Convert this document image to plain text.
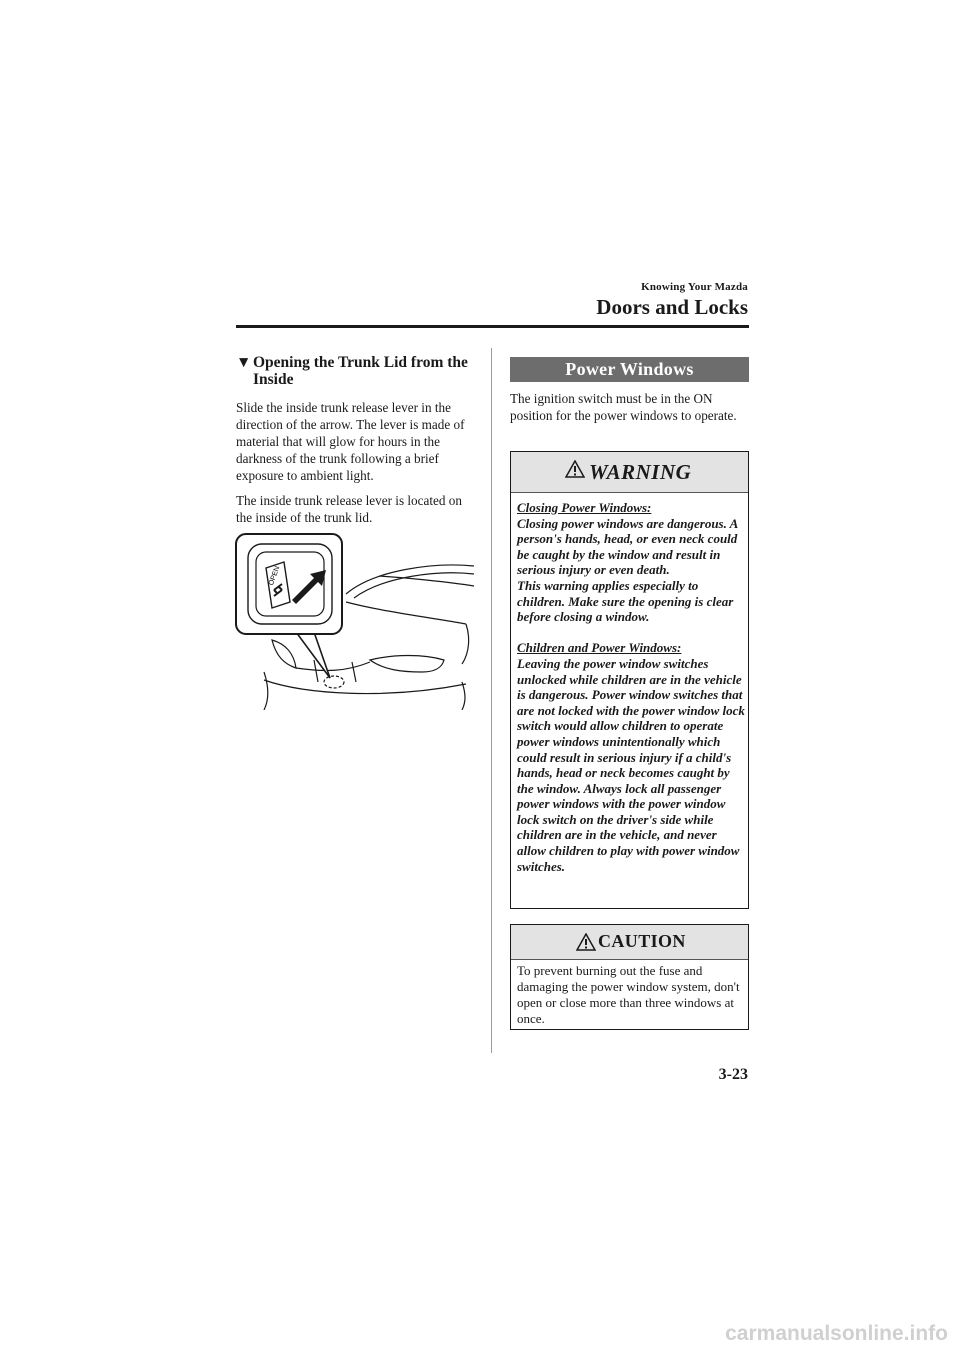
Knowing Your Mazda
Doors and Locks
▼ Opening the Trunk Lid from the Inside
Slide the inside trunk release lever in the direction of the arrow. The lever is made of material that will glow for hours in the darkness of the trunk following a brief exposure to ambient light.
The inside trunk release lever is located on the inside of the trunk lid.
OPEN
Power Windows
The ignition switch must be in the ON position for the power windows to operate.
WARNING
Closing Power Windows:
Closing power windows are dangerous. A person's hands, head, or even neck could be caught by the window and result in serious injury or even death.
This warning applies especially to children. Make sure the opening is clear before closing a window.
Children and Power Windows:
Leaving the power window switches unlocked while children are in the vehicle is dangerous. Power window switches that are not locked with the power window lock switch would allow children to operate power windows unintentionally which could result in serious injury if a child's hands, head or neck becomes caught by the window. Always lock all passenger power windows with the power window lock switch on the driver's side while children are in the vehicle, and never allow children to play with power window switches.
CAUTION
To prevent burning out the fuse and damaging the power window system, don't open or close more than three windows at once.
3-23
carmanualsonline.info
